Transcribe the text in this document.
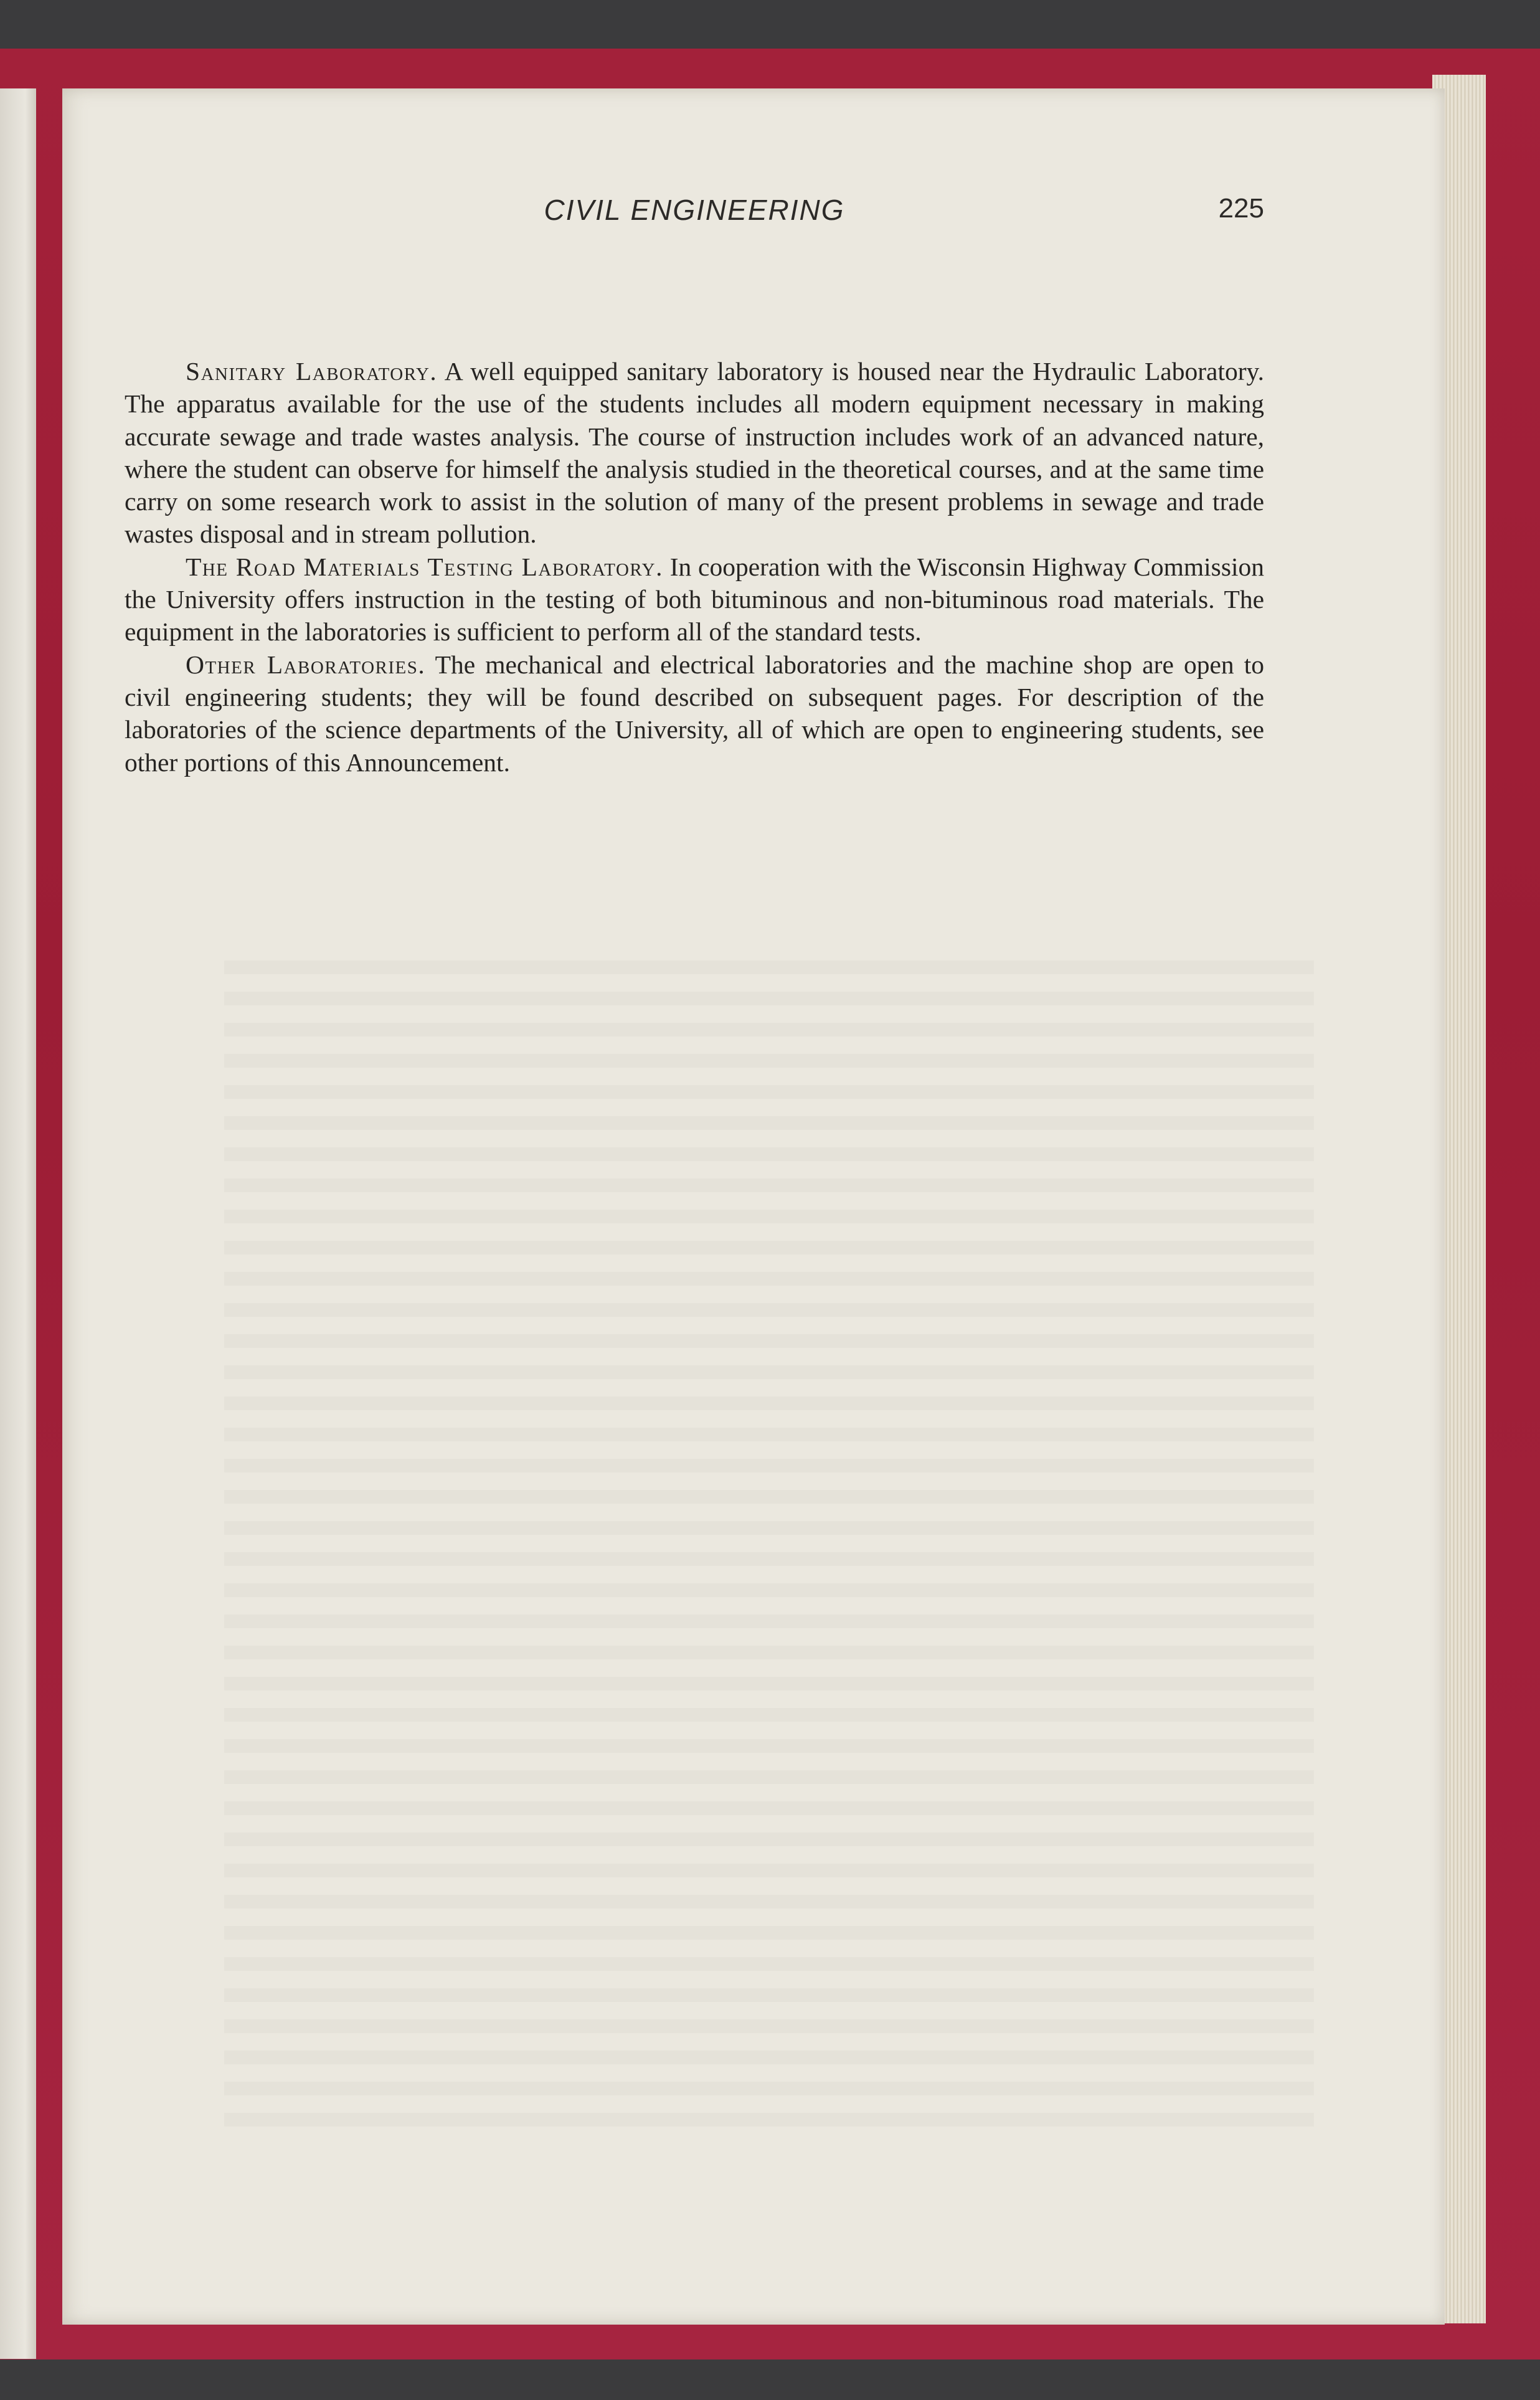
CIVIL ENGINEERING	225

Sanitary Laboratory. A well equipped sanitary laboratory is housed near the Hydraulic Laboratory. The apparatus available for the use of the students includes all modern equipment necessary in making accurate sewage and trade wastes analysis. The course of instruction includes work of an advanced nature, where the student can observe for himself the analysis studied in the theoretical courses, and at the same time carry on some research work to assist in the solution of many of the present problems in sewage and trade wastes disposal and in stream pollution.

The Road Materials Testing Laboratory. In cooperation with the Wisconsin Highway Commission the University offers instruction in the testing of both bituminous and non-bituminous road materials. The equipment in the laboratories is sufficient to perform all of the standard tests.

Other Laboratories. The mechanical and electrical laboratories and the machine shop are open to civil engineering students; they will be found described on subsequent pages. For description of the laboratories of the science departments of the University, all of which are open to engineering students, see other portions of this Announcement.
